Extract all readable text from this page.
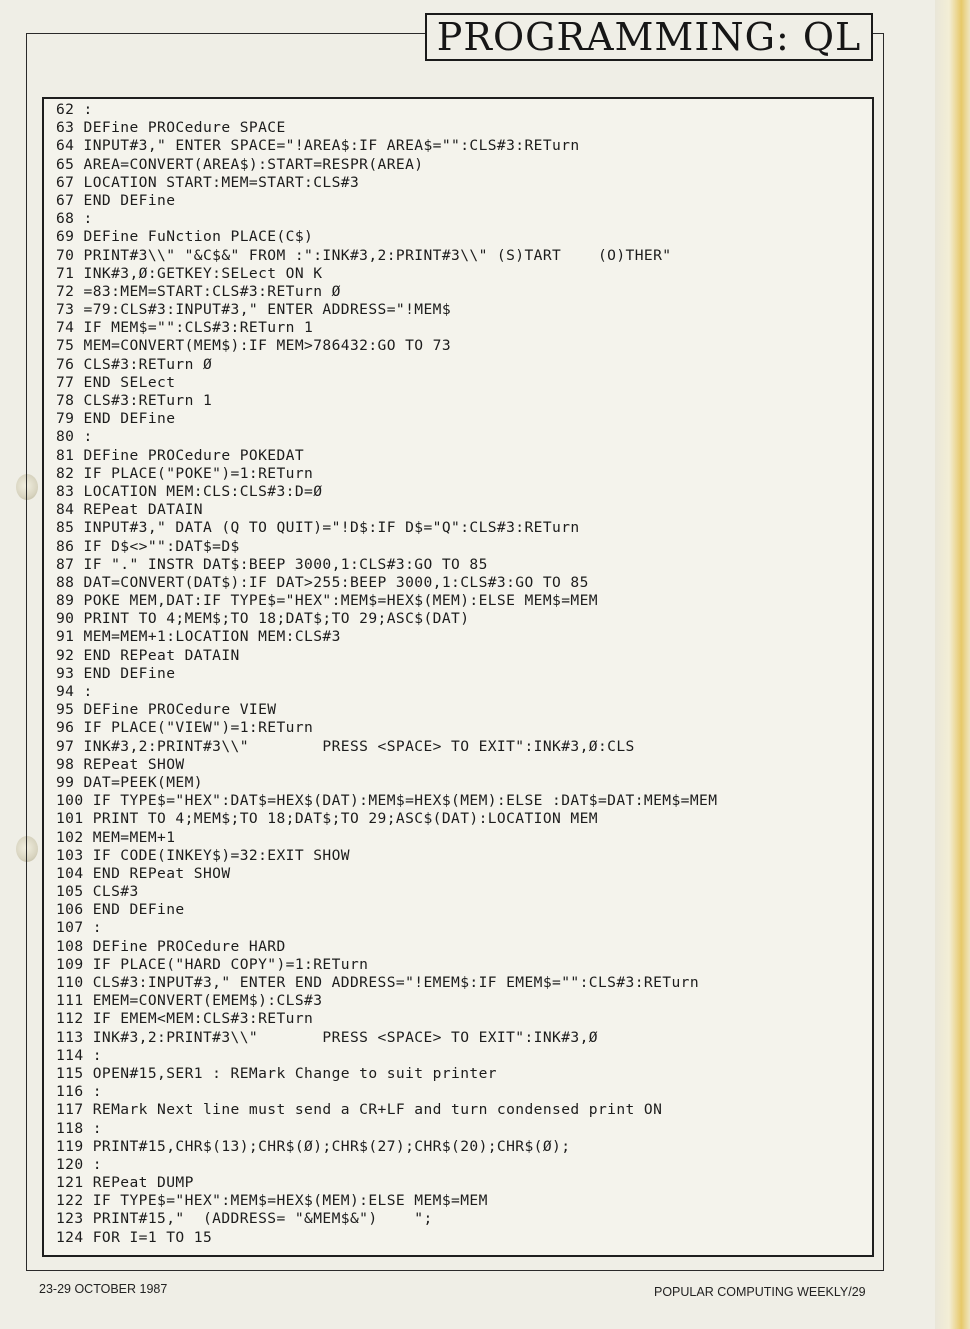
PROGRAMMING: QL
62 :
63 DEFine PROCedure SPACE
64 INPUT#3," ENTER SPACE="!AREA$:IF AREA$="":CLS#3:RETurn
65 AREA=CONVERT(AREA$):START=RESPR(AREA)
67 LOCATION START:MEM=START:CLS#3
67 END DEFine
68 :
69 DEFine FuNction PLACE(C$)
70 PRINT#3\\" "&C$&" FROM :":INK#3,2:PRINT#3\\" (S)TART    (O)THER"
71 INK#3,Ø:GETKEY:SELect ON K
72 =83:MEM=START:CLS#3:RETurn Ø
73 =79:CLS#3:INPUT#3," ENTER ADDRESS="!MEM$
74 IF MEM$="":CLS#3:RETurn 1
75 MEM=CONVERT(MEM$):IF MEM>786432:GO TO 73
76 CLS#3:RETurn Ø
77 END SELect
78 CLS#3:RETurn 1
79 END DEFine
80 :
81 DEFine PROCedure POKEDAT
82 IF PLACE("POKE")=1:RETurn
83 LOCATION MEM:CLS:CLS#3:D=Ø
84 REPeat DATAIN
85 INPUT#3," DATA (Q TO QUIT)="!D$:IF D$="Q":CLS#3:RETurn
86 IF D$<>"":DAT$=D$
87 IF "." INSTR DAT$:BEEP 3000,1:CLS#3:GO TO 85
88 DAT=CONVERT(DAT$):IF DAT>255:BEEP 3000,1:CLS#3:GO TO 85
89 POKE MEM,DAT:IF TYPE$="HEX":MEM$=HEX$(MEM):ELSE MEM$=MEM
90 PRINT TO 4;MEM$;TO 18;DAT$;TO 29;ASC$(DAT)
91 MEM=MEM+1:LOCATION MEM:CLS#3
92 END REPeat DATAIN
93 END DEFine
94 :
95 DEFine PROCedure VIEW
96 IF PLACE("VIEW")=1:RETurn
97 INK#3,2:PRINT#3\\"        PRESS <SPACE> TO EXIT":INK#3,Ø:CLS
98 REPeat SHOW
99 DAT=PEEK(MEM)
100 IF TYPE$="HEX":DAT$=HEX$(DAT):MEM$=HEX$(MEM):ELSE :DAT$=DAT:MEM$=MEM
101 PRINT TO 4;MEM$;TO 18;DAT$;TO 29;ASC$(DAT):LOCATION MEM
102 MEM=MEM+1
103 IF CODE(INKEY$)=32:EXIT SHOW
104 END REPeat SHOW
105 CLS#3
106 END DEFine
107 :
108 DEFine PROCedure HARD
109 IF PLACE("HARD COPY")=1:RETurn
110 CLS#3:INPUT#3," ENTER END ADDRESS="!EMEM$:IF EMEM$="":CLS#3:RETurn
111 EMEM=CONVERT(EMEM$):CLS#3
112 IF EMEM<MEM:CLS#3:RETurn
113 INK#3,2:PRINT#3\\"       PRESS <SPACE> TO EXIT":INK#3,Ø
114 :
115 OPEN#15,SER1 : REMark Change to suit printer
116 :
117 REMark Next line must send a CR+LF and turn condensed print ON
118 :
119 PRINT#15,CHR$(13);CHR$(Ø);CHR$(27);CHR$(20);CHR$(Ø);
120 :
121 REPeat DUMP
122 IF TYPE$="HEX":MEM$=HEX$(MEM):ELSE MEM$=MEM
123 PRINT#15,"  (ADDRESS= "&MEM$&")    ";
124 FOR I=1 TO 15
23-29 OCTOBER 1987	POPULAR COMPUTING WEEKLY/29
